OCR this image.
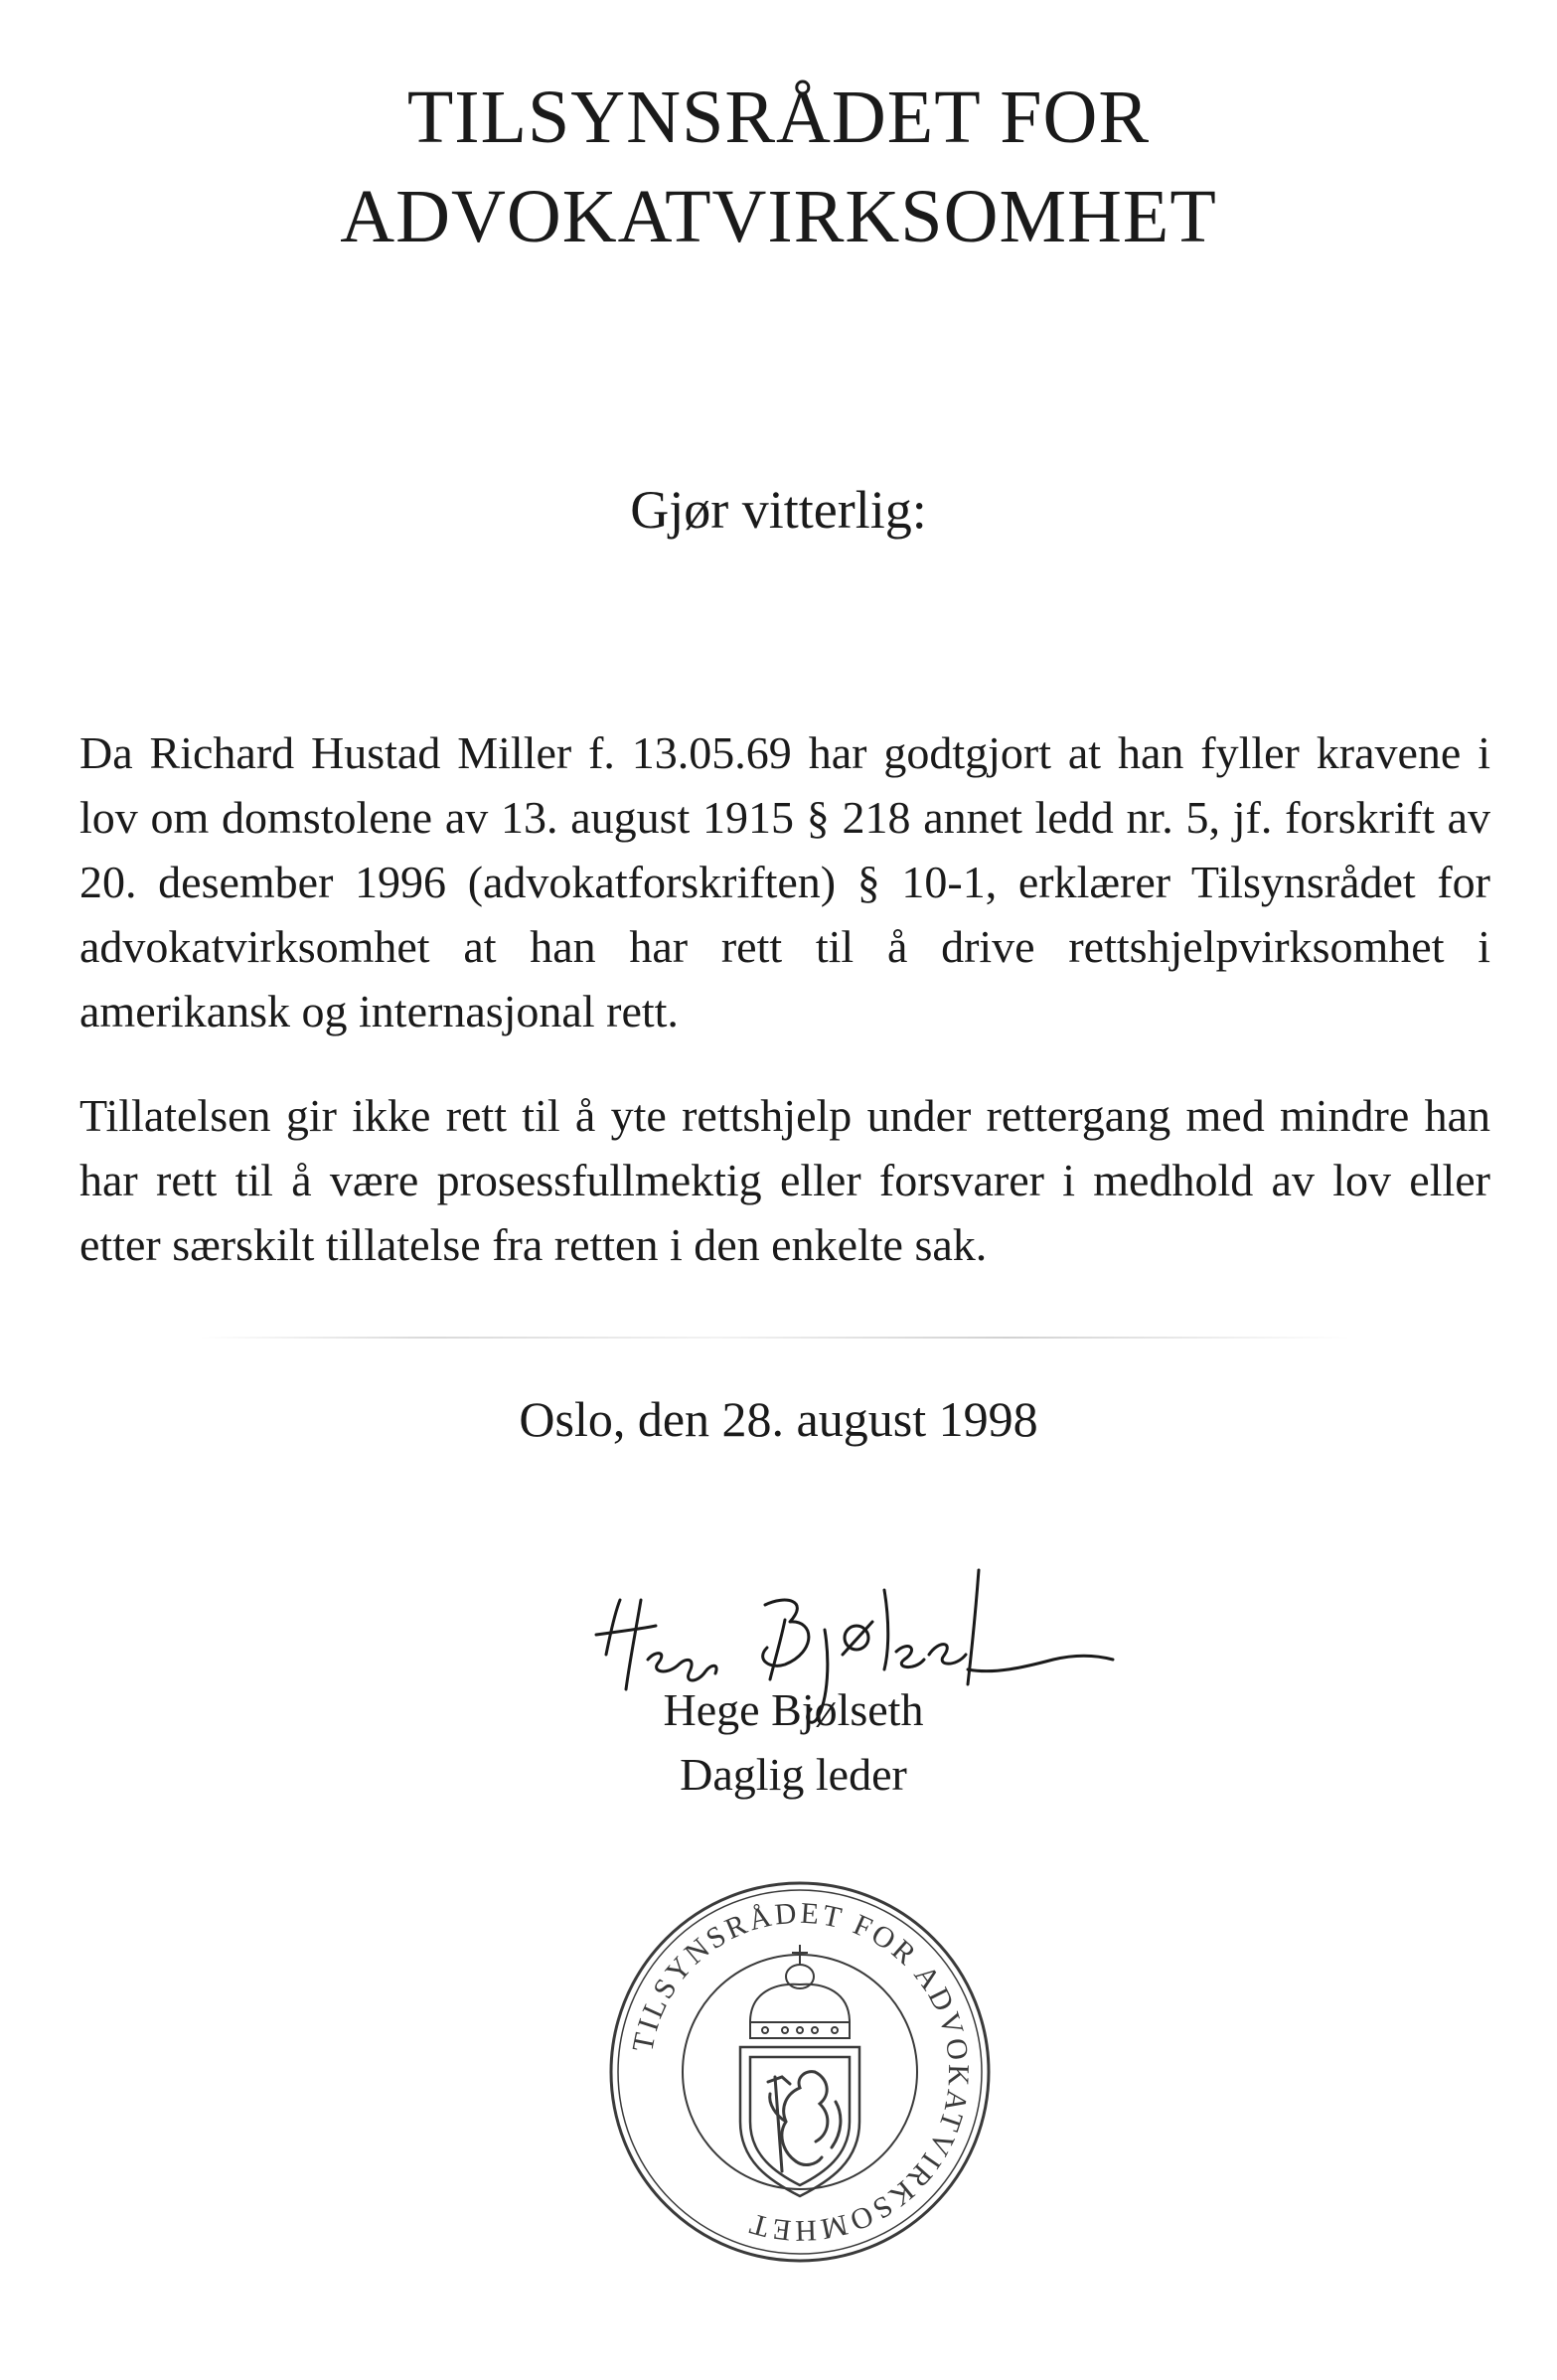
TILSYNSRÅDET FOR
ADVOKATVIRKSOMHET
Gjør vitterlig:

Da Richard Hustad Miller f. 13.05.69 har godtgjort at han fyller kravene i lov om domstolene av 13. august 1915 § 218 annet ledd nr. 5, jf. forskrift av 20. desember 1996 (advokatforskriften) § 10-1, erklærer Tilsynsrådet for advokatvirksomhet at han har rett til å drive rettshjelpvirksomhet i amerikansk og internasjonal rett.

Tillatelsen gir ikke rett til å yte rettshjelp under rettergang med mindre han har rett til å være prosessfullmektig eller forsvarer i medhold av lov eller etter særskilt tillatelse fra retten i den enkelte sak.

Oslo, den 28. august 1998
Hege Bjølseth
Daglig leder
TILSYNSRÅDET FOR ADVOKATVIRKSOMHET
